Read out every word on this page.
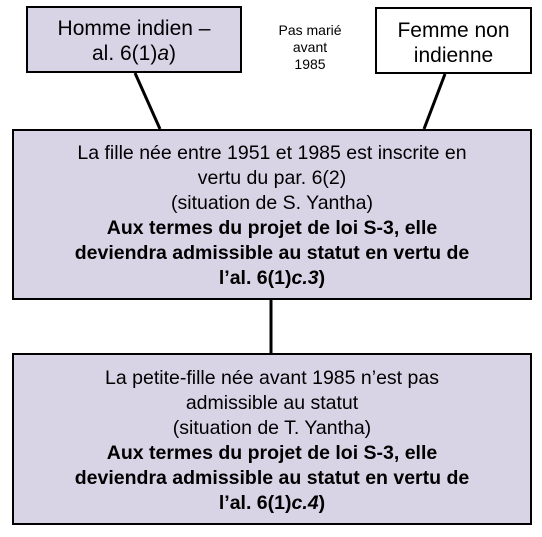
Homme indien –
al. 6(1)a)
Pas marié
avant
1985
Femme non
indienne
La fille née entre 1951 et 1985 est inscrite en
vertu du par. 6(2)
(situation de S. Yantha)
Aux termes du projet de loi S-3, elle
deviendra admissible au statut en vertu de
l’al. 6(1)c.3)
La petite-fille née avant 1985 n’est pas
admissible au statut
(situation de T. Yantha)
Aux termes du projet de loi S-3, elle
deviendra admissible au statut en vertu de
l’al. 6(1)c.4)
